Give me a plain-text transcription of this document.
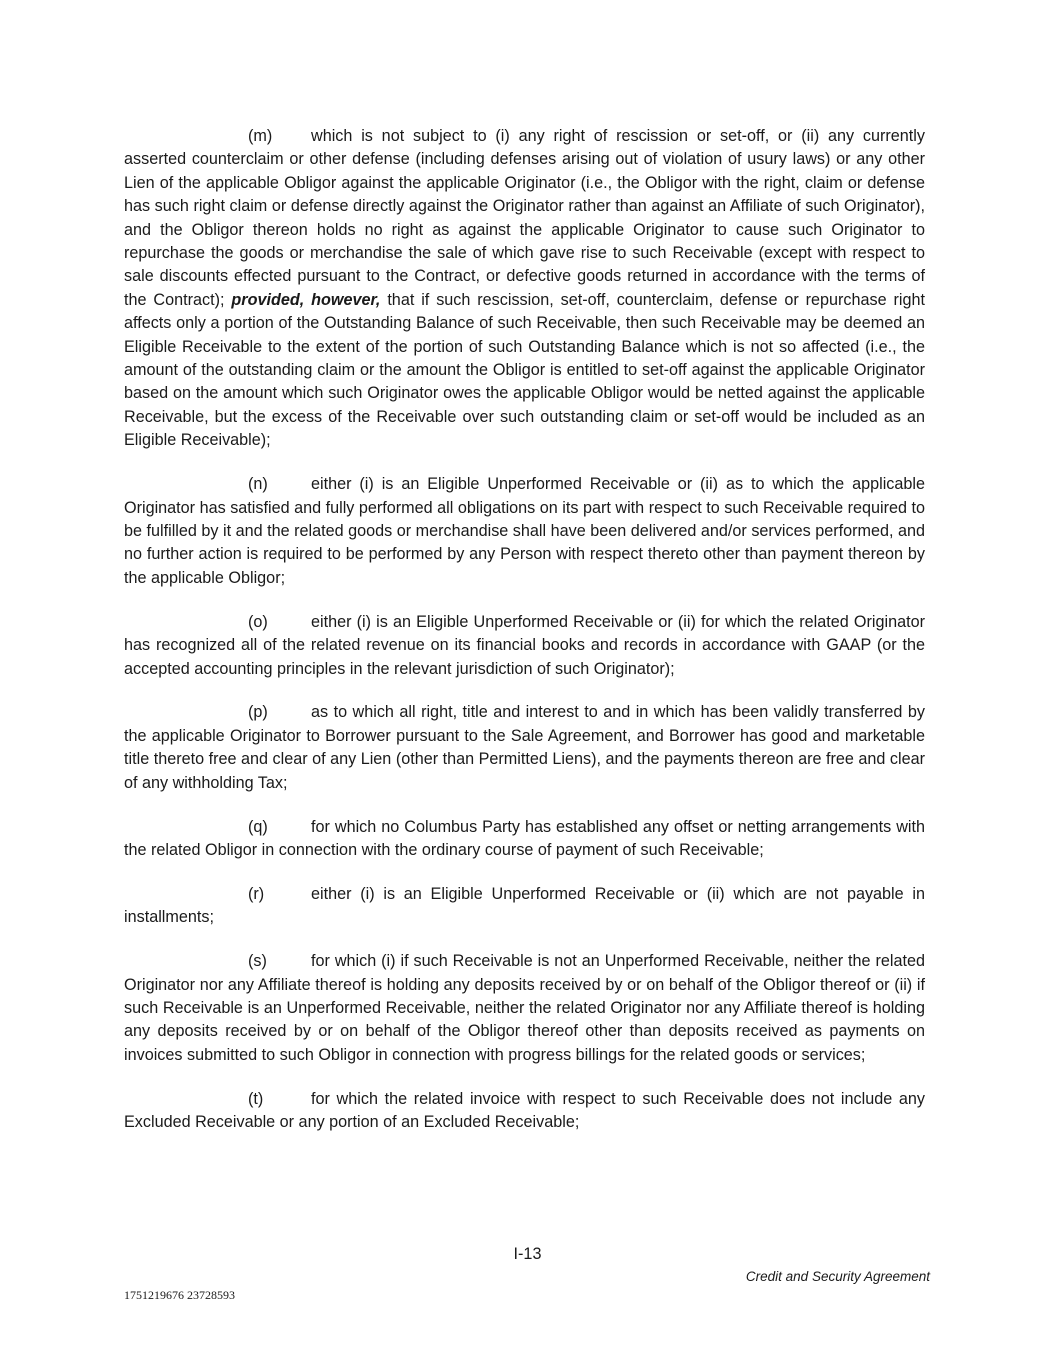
(m) which is not subject to (i) any right of rescission or set-off, or (ii) any currently asserted counterclaim or other defense (including defenses arising out of violation of usury laws) or any other Lien of the applicable Obligor against the applicable Originator (i.e., the Obligor with the right, claim or defense has such right claim or defense directly against the Originator rather than against an Affiliate of such Originator), and the Obligor thereon holds no right as against the applicable Originator to cause such Originator to repurchase the goods or merchandise the sale of which gave rise to such Receivable (except with respect to sale discounts effected pursuant to the Contract, or defective goods returned in accordance with the terms of the Contract); provided, however, that if such rescission, set-off, counterclaim, defense or repurchase right affects only a portion of the Outstanding Balance of such Receivable, then such Receivable may be deemed an Eligible Receivable to the extent of the portion of such Outstanding Balance which is not so affected (i.e., the amount of the outstanding claim or the amount the Obligor is entitled to set-off against the applicable Originator based on the amount which such Originator owes the applicable Obligor would be netted against the applicable Receivable, but the excess of the Receivable over such outstanding claim or set-off would be included as an Eligible Receivable);

(n)	either (i) is an Eligible Unperformed Receivable or (ii) as to which the applicable Originator has satisfied and fully performed all obligations on its part with respect to such Receivable required to be fulfilled by it and the related goods or merchandise shall have been delivered and/or services performed, and no further action is required to be performed by any Person with respect thereto other than payment thereon by the applicable Obligor;

(o)	either (i) is an Eligible Unperformed Receivable or (ii) for which the related Originator has recognized all of the related revenue on its financial books and records in accordance with GAAP (or the accepted accounting principles in the relevant jurisdiction of such Originator);

(p)	as to which all right, title and interest to and in which has been validly transferred by the applicable Originator to Borrower pursuant to the Sale Agreement, and Borrower has good and marketable title thereto free and clear of any Lien (other than Permitted Liens), and the payments thereon are free and clear of any withholding Tax;

(q)	for which no Columbus Party has established any offset or netting arrangements with the related Obligor in connection with the ordinary course of payment of such Receivable;

(r)	either (i) is an Eligible Unperformed Receivable or (ii) which are not payable in installments;

(s)	for which (i) if such Receivable is not an Unperformed Receivable, neither the related Originator nor any Affiliate thereof is holding any deposits received by or on behalf of the Obligor thereof or (ii) if such Receivable is an Unperformed Receivable, neither the related Originator nor any Affiliate thereof is holding any deposits received by or on behalf of the Obligor thereof other than deposits received as payments on invoices submitted to such Obligor in connection with progress billings for the related goods or services;

(t)	for which the related invoice with respect to such Receivable does not include any Excluded Receivable or any portion of an Excluded Receivable;

I-13
Credit and Security Agreement
1751219676 23728593
